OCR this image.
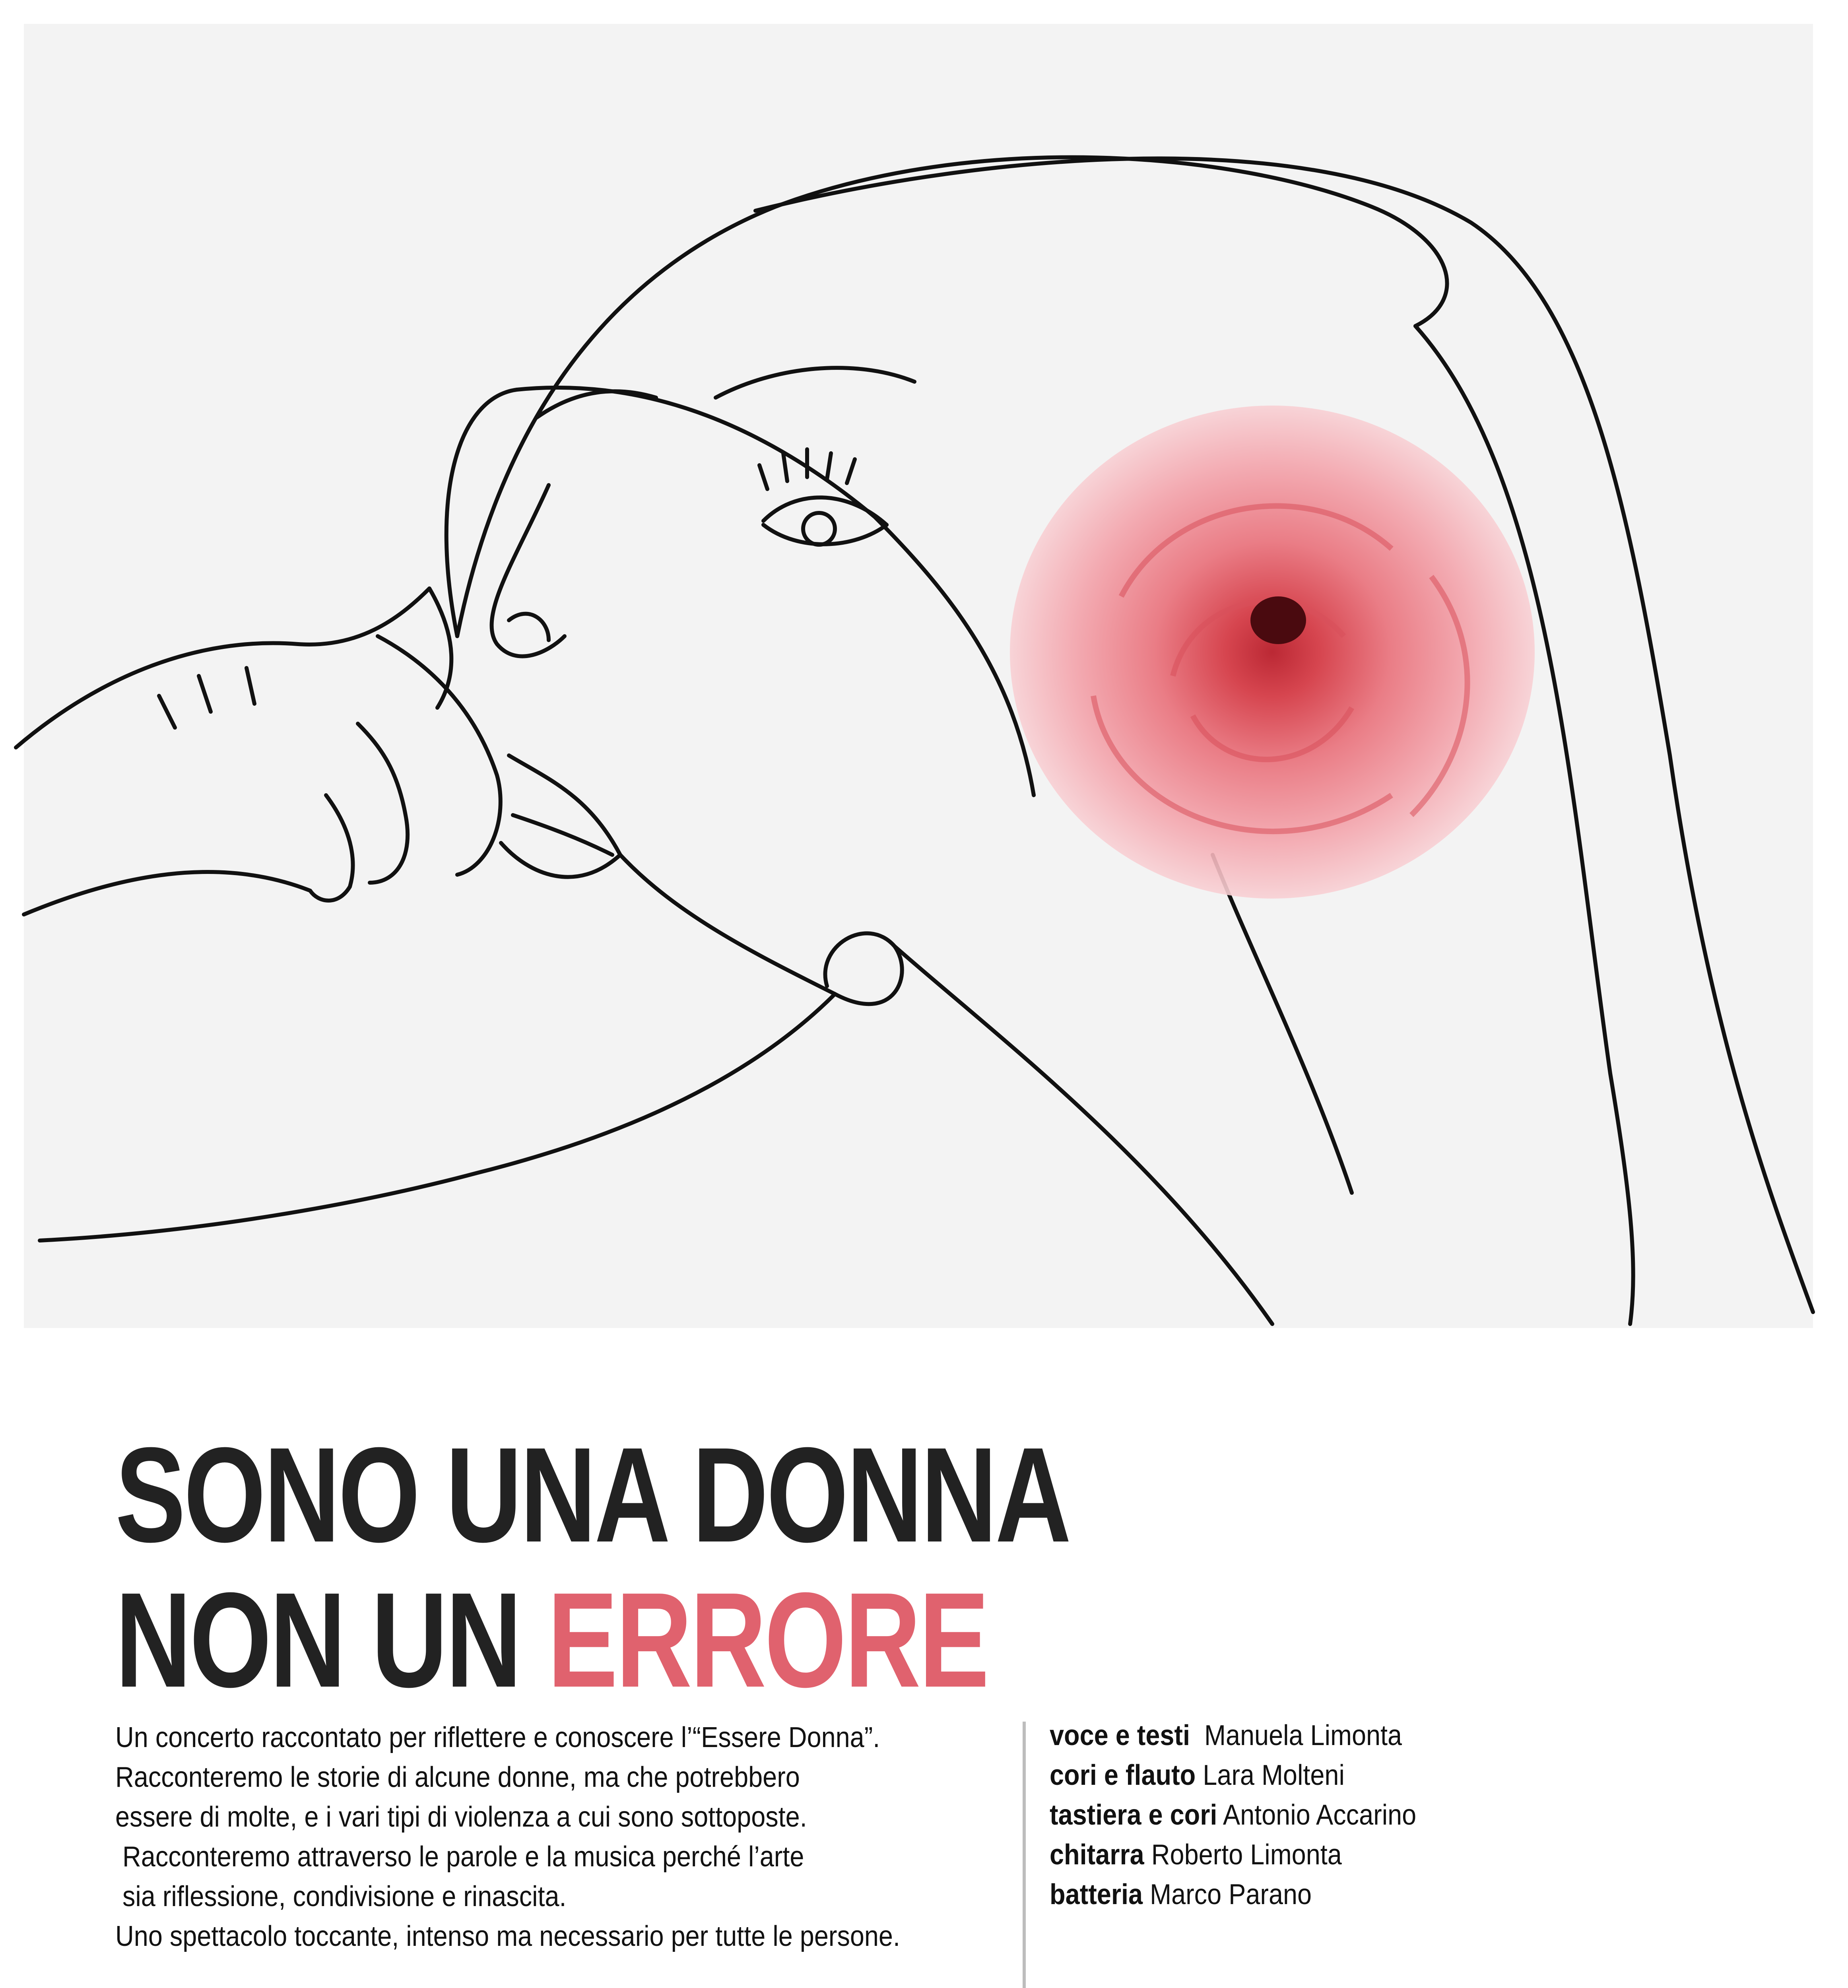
SONO UNA DONNA
NON UN ERRORE
Un concerto raccontato per riflettere e conoscere l’“Essere Donna”.
Racconteremo le storie di alcune donne, ma che potrebbero
essere di molte, e i vari tipi di violenza a cui sono sottoposte.
Racconteremo attraverso le parole e la musica perché l’arte
sia riflessione, condivisione e rinascita.
Uno spettacolo toccante, intenso ma necessario per tutte le persone.
voce e testi  Manuela Limonta
cori e flauto Lara Molteni
tastiera e cori Antonio Accarino
chitarra Roberto Limonta
batteria Marco Parano
